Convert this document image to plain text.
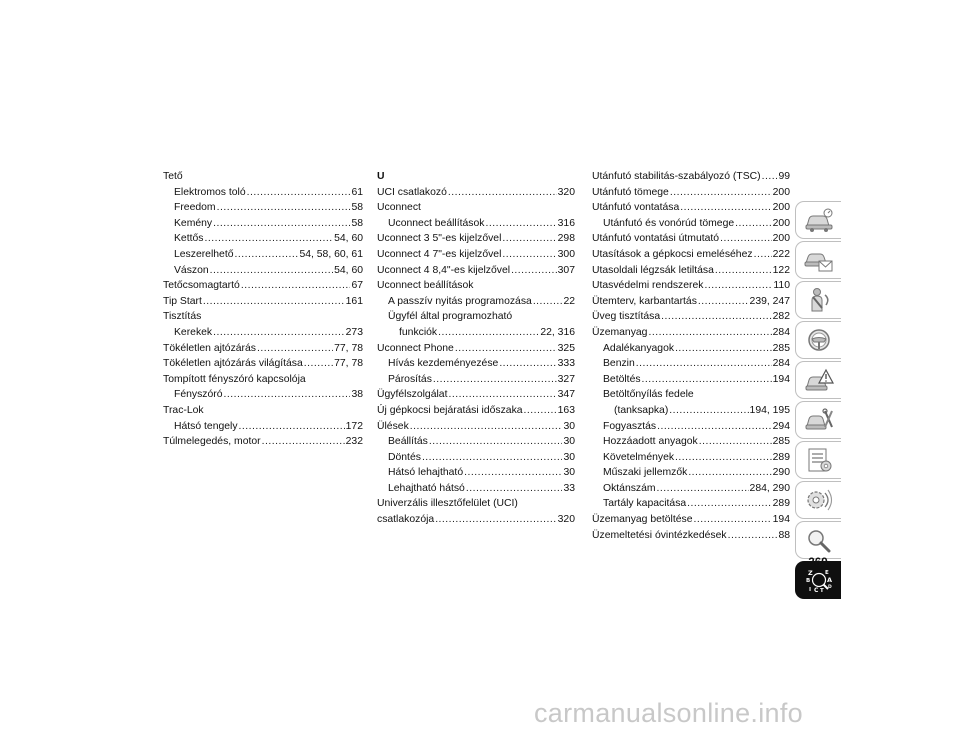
Tető
Elektromos toló . . .	61
Freedom . . .	58
Kemény . . .	58
Kettős . . .	54, 60
Leszerelhető . . .	54, 58, 60, 61
Vászon . . .	54, 60
Tetőcsomagtartó . . .	67
Tip Start . . .	161
Tisztítás
Kerekek . . .	273
Tökéletlen ajtózárás . . .	77, 78
Tökéletlen ajtózárás világítása . . .	77, 78
Tompított fényszóró kapcsolója
Fényszóró . . .	38
Trac-Lok
Hátsó tengely . . .	172
Túlmelegedés, motor . . .	232
U
UCI csatlakozó . . .	320
Uconnect
Uconnect beállítások . . .	316
Uconnect 3 5"-es kijelzővel . . .	298
Uconnect 4 7"-es kijelzővel . . .	300
Uconnect 4 8,4"-es kijelzővel . . .	307
Uconnect beállítások
A passzív nyitás programozása . . .	22
Ügyfél által programozható
funkciók . . .	22, 316
Uconnect Phone . . .	325
Hívás kezdeményezése . . .	333
Párosítás . . .	327
Ügyfélszolgálat . . .	347
Új gépkocsi bejáratási időszaka . . .	163
Ülések . . .	30
Beállítás . . .	30
Döntés . . .	30
Hátsó lehajtható . . .	30
Lehajtható hátsó . . .	33
Univerzális illesztőfelület (UCI)
csatlakozója . . .	320
Utánfutó stabilitás-szabályozó (TSC) . . . 99
Utánfutó tömege . . .	200
Utánfutó vontatása . . .	200
Utánfutó és vonórúd tömege . . .	200
Utánfutó vontatási útmutató . . .	200
Utasítások a gépkocsi emeléséhez . . . 222
Utasoldali légzsák letiltása . . .	122
Utasvédelmi rendszerek . . .	110
Ütemterv, karbantartás . . .	239, 247
Üveg tisztítása . . .	282
Üzemanyag . . .	284
Adalékanyagok . . .	285
Benzin . . .	284
Betöltés . . .	194
Betöltőnyílás fedele
(tanksapka) . . .	194, 195
Fogyasztás . . .	294
Hozzáadott anyagok . . .	285
Követelmények . . .	289
Műszaki jellemzők . . .	290
Oktánszám . . .	284, 290
Tartály kapacitása . . .	289
Üzemanyag betöltése . . .	194
Üzemeltetési óvintézkedések . . .	88
Z E
B	A
I C T
D
369
carmanualsonline.info
